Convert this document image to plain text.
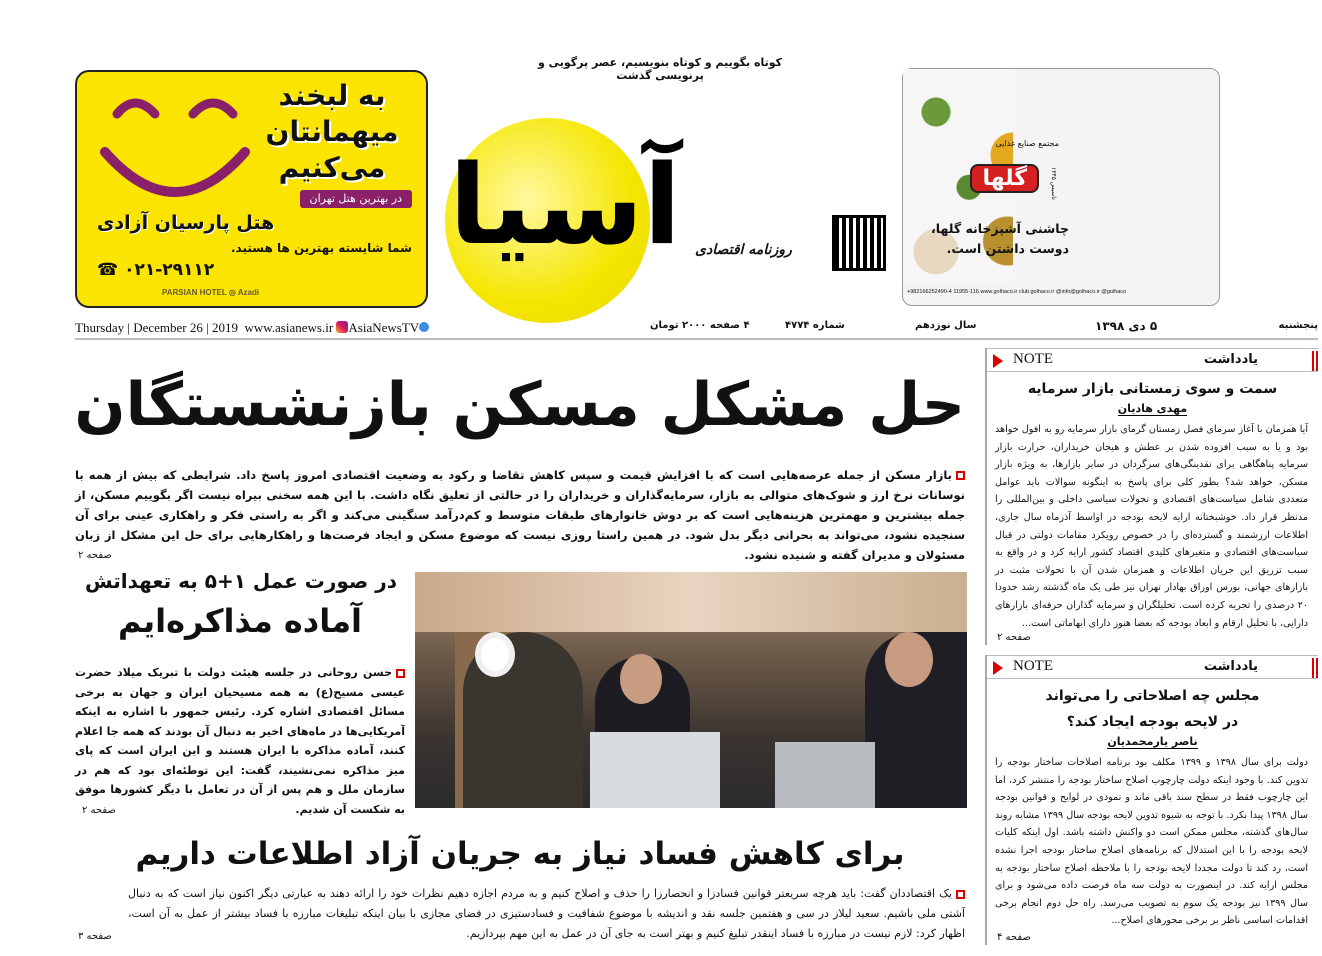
کوتاه بگوییم و کوتاه بنویسیم، عصر پرگویی و پرنویسی گذشت
به لبخند
میهمانتان
می‌کنیم
در بهترین هتل تهران
هتل پارسیان آزادی
شما شایسته بهترین ها هستید.
☎ ۰۲۱-۲۹۱۱۲
PARSIAN HOTEL ◎ Azadi
آسیا روزنامه اقتصادی
مجتمع صنایع غذایی
گلها	تاسیس ۱۳۴۵
چاشنی آشپزخانه گلها،
دوست داشتن است.
+982166252490-4 11955-116 www.golhaco.ir club.golhaco.ir @info@golhaco.ir @golhaco
Thursday | December 26 | 2019 www.asianews.ir AsiaNewsTV	۴ صفحه ۲۰۰۰ تومان	شماره ۴۷۷۴	سال نوزدهم	۵ دی ۱۳۹۸	پنجشنبه
حل مشکل مسکن بازنشستگان
بازار مسکن از جمله عرصه‌هایی است که با افزایش قیمت و سپس کاهش تقاضا و رکود به وضعیت اقتصادی امروز پاسخ داد. شرایطی که بیش از همه با نوسانات نرخ ارز و شوک‌های متوالی به بازار، سرمایه‌گذاران و خریداران را در حالتی از تعلیق نگاه داشت. با این همه سخنی بیراه نیست اگر بگوییم مسکن، از جمله بیشترین و مهمترین هزینه‌هایی است که بر دوش خانوارهای طبقات متوسط و کم‌درآمد سنگینی می‌کند و اگر به راستی فکر و راهکاری عینی برای آن سنجیده نشود، می‌تواند به بحرانی دیگر بدل شود. در همین راستا روزی نیست که موضوع مسکن و ایجاد فرصت‌ها و راهکارهایی برای حل این مشکل از زبان مسئولان و مدیران گفته و شنیده نشود.
صفحه ۲
در صورت عمل ۱+۵ به تعهداتش
آماده مذاکره‌ایم
حسن روحانی در جلسه هیئت دولت با تبریک میلاد حضرت عیسی مسیح(ع) به همه مسیحیان ایران و جهان به برخی مسائل اقتصادی اشاره کرد. رئیس جمهور با اشاره به اینکه آمریکایی‌ها در ماه‌های اخیر به دنبال آن بودند که همه جا اعلام کنند، آماده مذاکره با ایران هستند و این ایران است که پای میز مذاکره نمی‌نشیند، گفت: این توطئه‌ای بود که هم در سازمان ملل و هم پس از آن در تعامل با دیگر کشورها موفق به شکست آن شدیم.
صفحه ۲
برای کاهش فساد نیاز به جریان آزاد اطلاعات داریم
یک اقتصاددان گفت: باید هرچه سریعتر قوانین فسادزا و انحصارزا را حذف و اصلاح کنیم و به مردم اجازه دهیم نظرات خود را ارائه دهند به عبارتی دیگر اکنون نیاز است که به دنبال آشتی ملی باشیم. سعید لیلاز در سی و هفتمین جلسه نقد و اندیشه با موضوع شفافیت و فسادستیزی در فضای مجازی با بیان اینکه تبلیغات مبارزه با فساد بیشتر از عمل به آن است، اظهار کرد: لازم نیست در مبارزه با فساد اینقدر تبلیغ کنیم و بهتر است به جای آن در عمل به این مهم بپردازیم.
صفحه ۳
یادداشت
NOTE
سمت و سوی زمستانی بازار سرمایه
مهدی هادیان
آیا همزمان با آغاز سرمای فصل زمستان گرمای بازار سرمایه رو به افول خواهد بود و یا به سبب افزوده شدن بر عطش و هیجان خریداران، حرارت بازار سرمایه پناهگاهی برای نقدینگی‌های سرگردان در سایر بازارها، به ویژه بازار مسکن، خواهد شد؟ بطور کلی برای پاسخ به اینگونه سوالات باید عوامل متعددی شامل سیاست‌های اقتصادی و تحولات سیاسی داخلی و بین‌المللی را مدنظر قرار داد. خوشبختانه ارایه لایحه بودجه در اواسط آذرماه سال جاری، اطلاعات ارزشمند و گسترده‌ای را در خصوص رویکرد مقامات دولتی در قبال سیاست‌های اقتصادی و متغیرهای کلیدی اقتصاد کشور ارایه کرد و در واقع به سبب تزریق این جریان اطلاعات و همزمان شدن آن با تحولات مثبت در بازارهای جهانی، بورس اوراق بهادار تهران نیز طی یک ماه گذشته رشد حدودا ۲۰ درصدی را تجربه کرده است. تحلیلگران و سرمایه گذاران حرفه‌ای بازارهای دارایی، با تحلیل ارقام و ابعاد بودجه که بعضا هنوز دارای ابهاماتی است...
صفحه ۲
یادداشت
NOTE
مجلس چه اصلاحاتی را می‌تواند در لایحه بودجه ایجاد کند؟
ناصر یارمحمدیان
دولت برای سال ۱۳۹۸ و ۱۳۹۹ مکلف بود برنامه اصلاحات ساختار بودجه را تدوین کند. با وجود اینکه دولت چارچوب اصلاح ساختار بودجه را منتشر کرد، اما این چارچوب فقط در سطح سند باقی ماند و نمودی در لوایح و قوانین بودجه سال ۱۳۹۸ پیدا نکرد. با توجه به شیوه تدوین لایحه بودجه سال ۱۳۹۹ مشابه روند سال‌های گذشته، مجلس ممکن است دو واکنش داشته باشد. اول اینکه کلیات لایحه بودجه را با این استدلال که برنامه‌های اصلاح ساختار بودجه اجرا نشده است، رد کند تا دولت مجددا لایحه بودجه را با ملاحظه اصلاح ساختار بودجه به مجلس ارایه کند. در اینصورت به دولت سه ماه فرصت داده می‌شود و برای سال ۱۳۹۹ نیز بودجه یک سوم به تصویب می‌رسد. راه حل دوم انجام برخی اقدامات اساسی ناظر بر برخی محورهای اصلاح...
صفحه ۴
